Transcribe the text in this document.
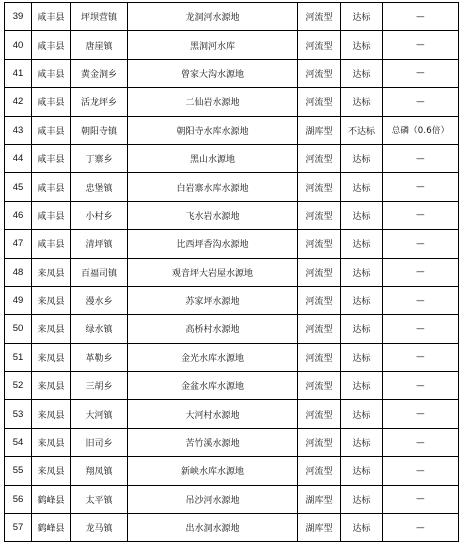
39	咸丰县	坪坝营镇	龙洞河水源地	河流型	达标	—
40	咸丰县	唐崖镇	黑洞河水库	河流型	达标	—
41	咸丰县	黄金洞乡	曾家大沟水源地	河流型	达标	—
42	咸丰县	活龙坪乡	二仙岩水源地	河流型	达标	—
43	咸丰县	朝阳寺镇	朝阳寺水库水源地	湖库型	不达标	总磷（0.6倍）
44	咸丰县	丁寨乡	黑山水源地	河流型	达标	—
45	咸丰县	忠堡镇	白岩寨水库水源地	河流型	达标	—
46	咸丰县	小村乡	飞水岩水源地	河流型	达标	—
47	咸丰县	清坪镇	比西坪香沟水源地	河流型	达标	—
48	来凤县	百福司镇	观音坪大岩屋水源地	河流型	达标	—
49	来凤县	漫水乡	苏家坪水源地	河流型	达标	—
50	来凤县	绿水镇	高桥村水源地	河流型	达标	—
51	来凤县	革勒乡	金光水库水源地	河流型	达标	—
52	来凤县	三胡乡	金盆水库水源地	河流型	达标	—
53	来凤县	大河镇	大河村水源地	河流型	达标	—
54	来凤县	旧司乡	苦竹溪水源地	河流型	达标	—
55	来凤县	翔凤镇	新峡水库水源地	河流型	达标	—
56	鹤峰县	太平镇	吊沙河水源地	湖库型	达标	—
57	鹤峰县	龙马镇	出水洞水源地	湖库型	达标	—
